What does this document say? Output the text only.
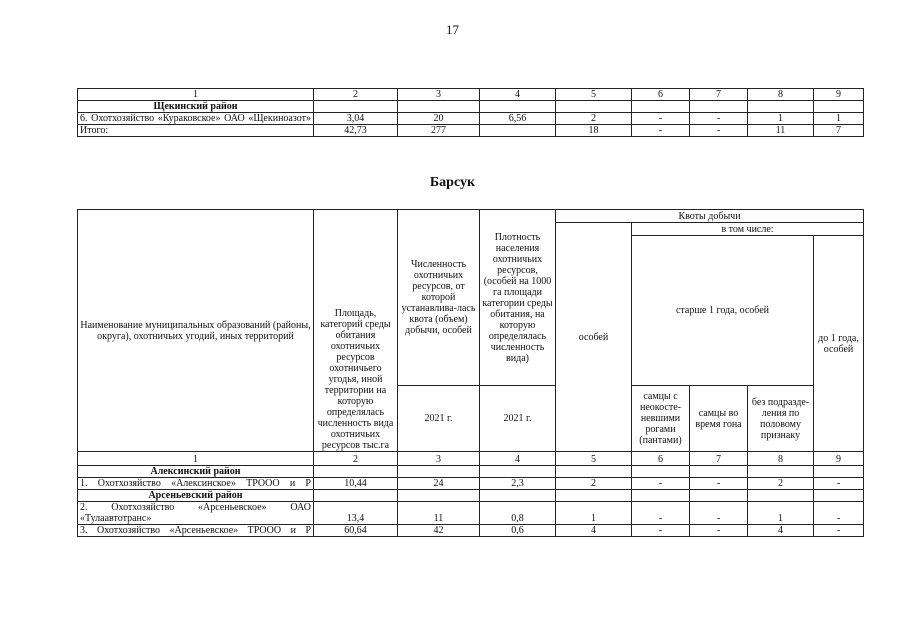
17
1	2	3	4	5	6	7	8	9
Щекинский район								
6. Охотхозяйство «Кураковское» ОАО «Щекиноазот»	3,04	20	6,56	2	-	-	1	1
Итого:	42,73	277		18	-	-	11	7
Барсук
Наименование муниципальных образований (районы, округа), охотничьих угодий, иных территорий	Площадь, категорий среды обитания охотничьих ресурсов охотничьего угодья, иной территории на которую определялась численность вида охотничьих ресурсов тыс.га	Численность охотничьих ресурсов, от которой устанавлива-лась квота (объем) добычи, особей	Плотность населения охотничьих ресурсов, (особей на 1000 га площади категории среды обитания, на которую определялась численность вида)	Квоты добычи				
				особей	в том числе:			
					старше 1 года, особей			до 1 года, особей
		2021 г.	2021 г.		самцы с неокосте-невшими рогами (пантами)	самцы во время гона	без подразде-ления по половому признаку	
1	2	3	4	5	6	7	8	9
Алексинский район								
1. Охотхозяйство «Алексинское» ТРОOO и Р	10,44	24	2,3	2	-	-	2	-
Арсеньевский район								
2. Охотхозяйство «Арсеньевское» ОАО «Тулаавтотранс»	13,4	11	0,8	1	-	-	1	-
3. Охотхозяйство «Арсеньевское» ТРОOO и Р	60,64	42	0,6	4	-	-	4	-
